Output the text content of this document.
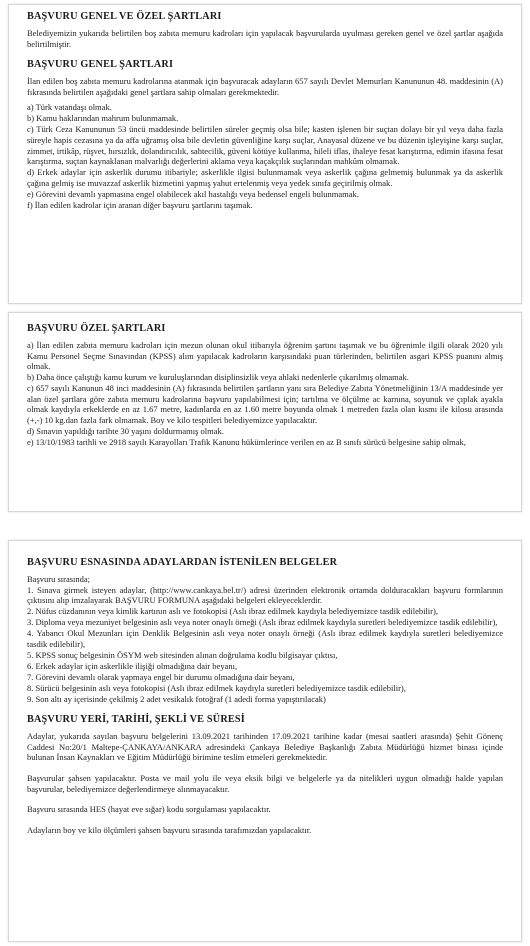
BAŞVURU GENEL VE ÖZEL ŞARTLARI

Belediyemizin yukarıda belirtilen boş zabıta memuru kadroları için yapılacak başvurularda uyulması gereken genel ve özel şartlar aşağıda belirtilmiştir.

BAŞVURU GENEL ŞARTLARI

İlan edilen boş zabıta memuru kadrolarına atanmak için başvuracak adayların 657 sayılı Devlet Memurları Kanununun 48. maddesinin (A) fıkrasında belirtilen aşağıdaki genel şartlara sahip olmaları gerekmektedir.

a) Türk vatandaşı olmak.

b) Kamu haklarından mahrum bulunmamak.

c) Türk Ceza Kanununun 53 üncü maddesinde belirtilen süreler geçmiş olsa bile; kasten işlenen bir suçtan dolayı bir yıl veya daha fazla süreyle hapis cezasına ya da affa uğramış olsa bile devletin güvenliğine karşı suçlar, Anayasal düzene ve bu düzenin işleyişine karşı suçlar, zimmet, irtikâp, rüşvet, hırsızlık, dolandırıcılık, sahtecilik, güveni kötüye kullanma, hileli iflas, ihaleye fesat karıştırma, edimin ifasına fesat karıştırma, suçtan kaynaklanan malvarlığı değerlerini aklama veya kaçakçılık suçlarından mahkûm olmamak.

d) Erkek adaylar için askerlik durumu itibariyle; askerlikle ilgisi bulunmamak veya askerlik çağına gelmemiş bulunmak ya da askerlik çağına gelmiş ise muvazzaf askerlik hizmetini yapmış yahut ertelenmiş veya yedek sınıfa geçirilmiş olmak.

e) Görevini devamlı yapmasına engel olabilecek akıl hastalığı veya bedensel engeli bulunmamak.

f) İlan edilen kadrolar için aranan diğer başvuru şartlarını taşımak.

BAŞVURU ÖZEL ŞARTLARI

a) İlan edilen zabıta memuru kadroları için mezun olunan okul itibarıyla öğrenim şartını taşımak ve bu öğrenimle ilgili olarak 2020 yılı Kamu Personel Seçme Sınavından (KPSS) alım yapılacak kadroların karşısındaki puan türlerinden, belirtilen asgari KPSS puanını almış olmak.

b) Daha önce çalıştığı kamu kurum ve kuruluşlarından disiplinsizlik veya ahlaki nedenlerle çıkarılmış olmamak.

c) 657 sayılı Kanunun 48 inci maddesinin (A) fıkrasında belirtilen şartların yanı sıra Belediye Zabıta Yönetmeliğinin 13/A maddesinde yer alan özel şartlara göre zabıta memuru kadrolarına başvuru yapılabilmesi için; tartılma ve ölçülme ac karnına, soyunuk ve çıplak ayakla olmak kaydıyla erkeklerde en az 1.67 metre, kadınlarda en az 1.60 metre boyunda olmak 1 metreden fazla olan kısmı ile kilosu arasında (+,-) 10 kg.dan fazla fark olmamak. Boy ve kilo tespitleri belediyemizce yapılacaktır.

d) Sınavın yapıldığı tarihte 30 yaşını doldurmamış olmak.

e) 13/10/1983 tarihli ve 2918 sayılı Karayolları Trafik Kanunu hükümlerince verilen en az B sınıfı sürücü belgesine sahip olmak,

BAŞVURU ESNASINDA ADAYLARDAN İSTENİLEN BELGELER

Başvuru sırasında;

1. Sınava girmek isteyen adaylar, (http://www.cankaya.bel.tr/) adresi üzerinden elektronik ortamda dolduracakları başvuru formlarının çıktısını alıp imzalayarak BAŞVURU FORMUNA aşağıdaki belgeleri ekleyeceklerdir.

2. Nüfus cüzdanının veya kimlik kartının aslı ve fotokopisi (Aslı ibraz edilmek kaydıyla belediyemizce tasdik edilebilir),

3. Diploma veya mezuniyet belgesinin aslı veya noter onaylı örneği (Aslı ibraz edilmek kaydıyla suretleri belediyemizce tasdik edilebilir),

4. Yabancı Okul Mezunları için Denklik Belgesinin aslı veya noter onaylı örneği (Aslı ibraz edilmek kaydıyla suretleri belediyemizce tasdik edilebilir),

5. KPSS sonuç belgesinin ÖSYM web sitesinden alınan doğrulama kodlu bilgisayar çıktısı,

6. Erkek adaylar için askerlikle ilişiği olmadığına dair beyanı,

7. Görevini devamlı olarak yapmaya engel bir durumu olmadığına dair beyanı,

8. Sürücü belgesinin aslı veya fotokopisi (Aslı ibraz edilmek kaydıyla suretleri belediyemizce tasdik edilebilir),

9. Son altı ay içerisinde çekilmiş 2 adet vesikalık fotoğraf (1 adedi forma yapıştırılacak)

BAŞVURU YERİ, TARİHİ, ŞEKLİ VE SÜRESİ

Adaylar, yukarıda sayılan başvuru belgelerini 13.09.2021 tarihinden 17.09.2021 tarihine kadar (mesai saatleri arasında) Şehit Gönenç Caddesi No:20/1 Maltepe-ÇANKAYA/ANKARA adresindeki Çankaya Belediye Başkanlığı Zabıta Müdürlüğü hizmet binası içinde bulunan İnsan Kaynakları ve Eğitim Müdürlüğü birimine teslim etmeleri gerekmektedir.

Başvurular şahsen yapılacaktır. Posta ve mail yolu ile veya eksik bilgi ve belgelerle ya da nitelikleri uygun olmadığı halde yapılan başvurular, belediyemizce değerlendirmeye alınmayacaktır.

Başvuru sırasında HES (hayat eve sığar) kodu sorgulaması yapılacaktır.

Adayların boy ve kilo ölçümleri şahsen başvuru sırasında tarafımızdan yapılacaktır.
